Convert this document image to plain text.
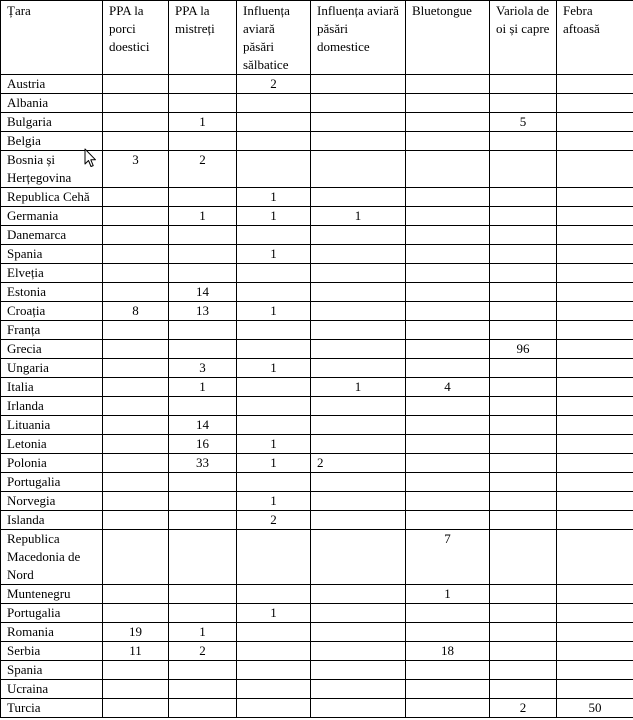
Țara	PPA la porci doestici	PPA la mistreți	Influența aviară păsări sălbatice	Influența aviară păsări domestice	Bluetongue	Variola de oi și capre	Febra aftoasă
Austria			2				
Albania							
Bulgaria		1				5	
Belgia							
Bosnia și Herțegovina	3	2					
Republica Cehă			1				
Germania		1	1	1			
Danemarca							
Spania			1				
Elveția							
Estonia		14					
Croația	8	13	1				
Franța							
Grecia						96	
Ungaria		3	1				
Italia		1		1	4		
Irlanda							
Lituania		14					
Letonia		16	1				
Polonia		33	1	2			
Portugalia							
Norvegia			1				
Islanda			2				
Republica Macedonia de Nord					7		
Muntenegru					1		
Portugalia			1				
Romania	19	1					
Serbia	11	2			18		
Spania							
Ucraina							
Turcia						2	50
